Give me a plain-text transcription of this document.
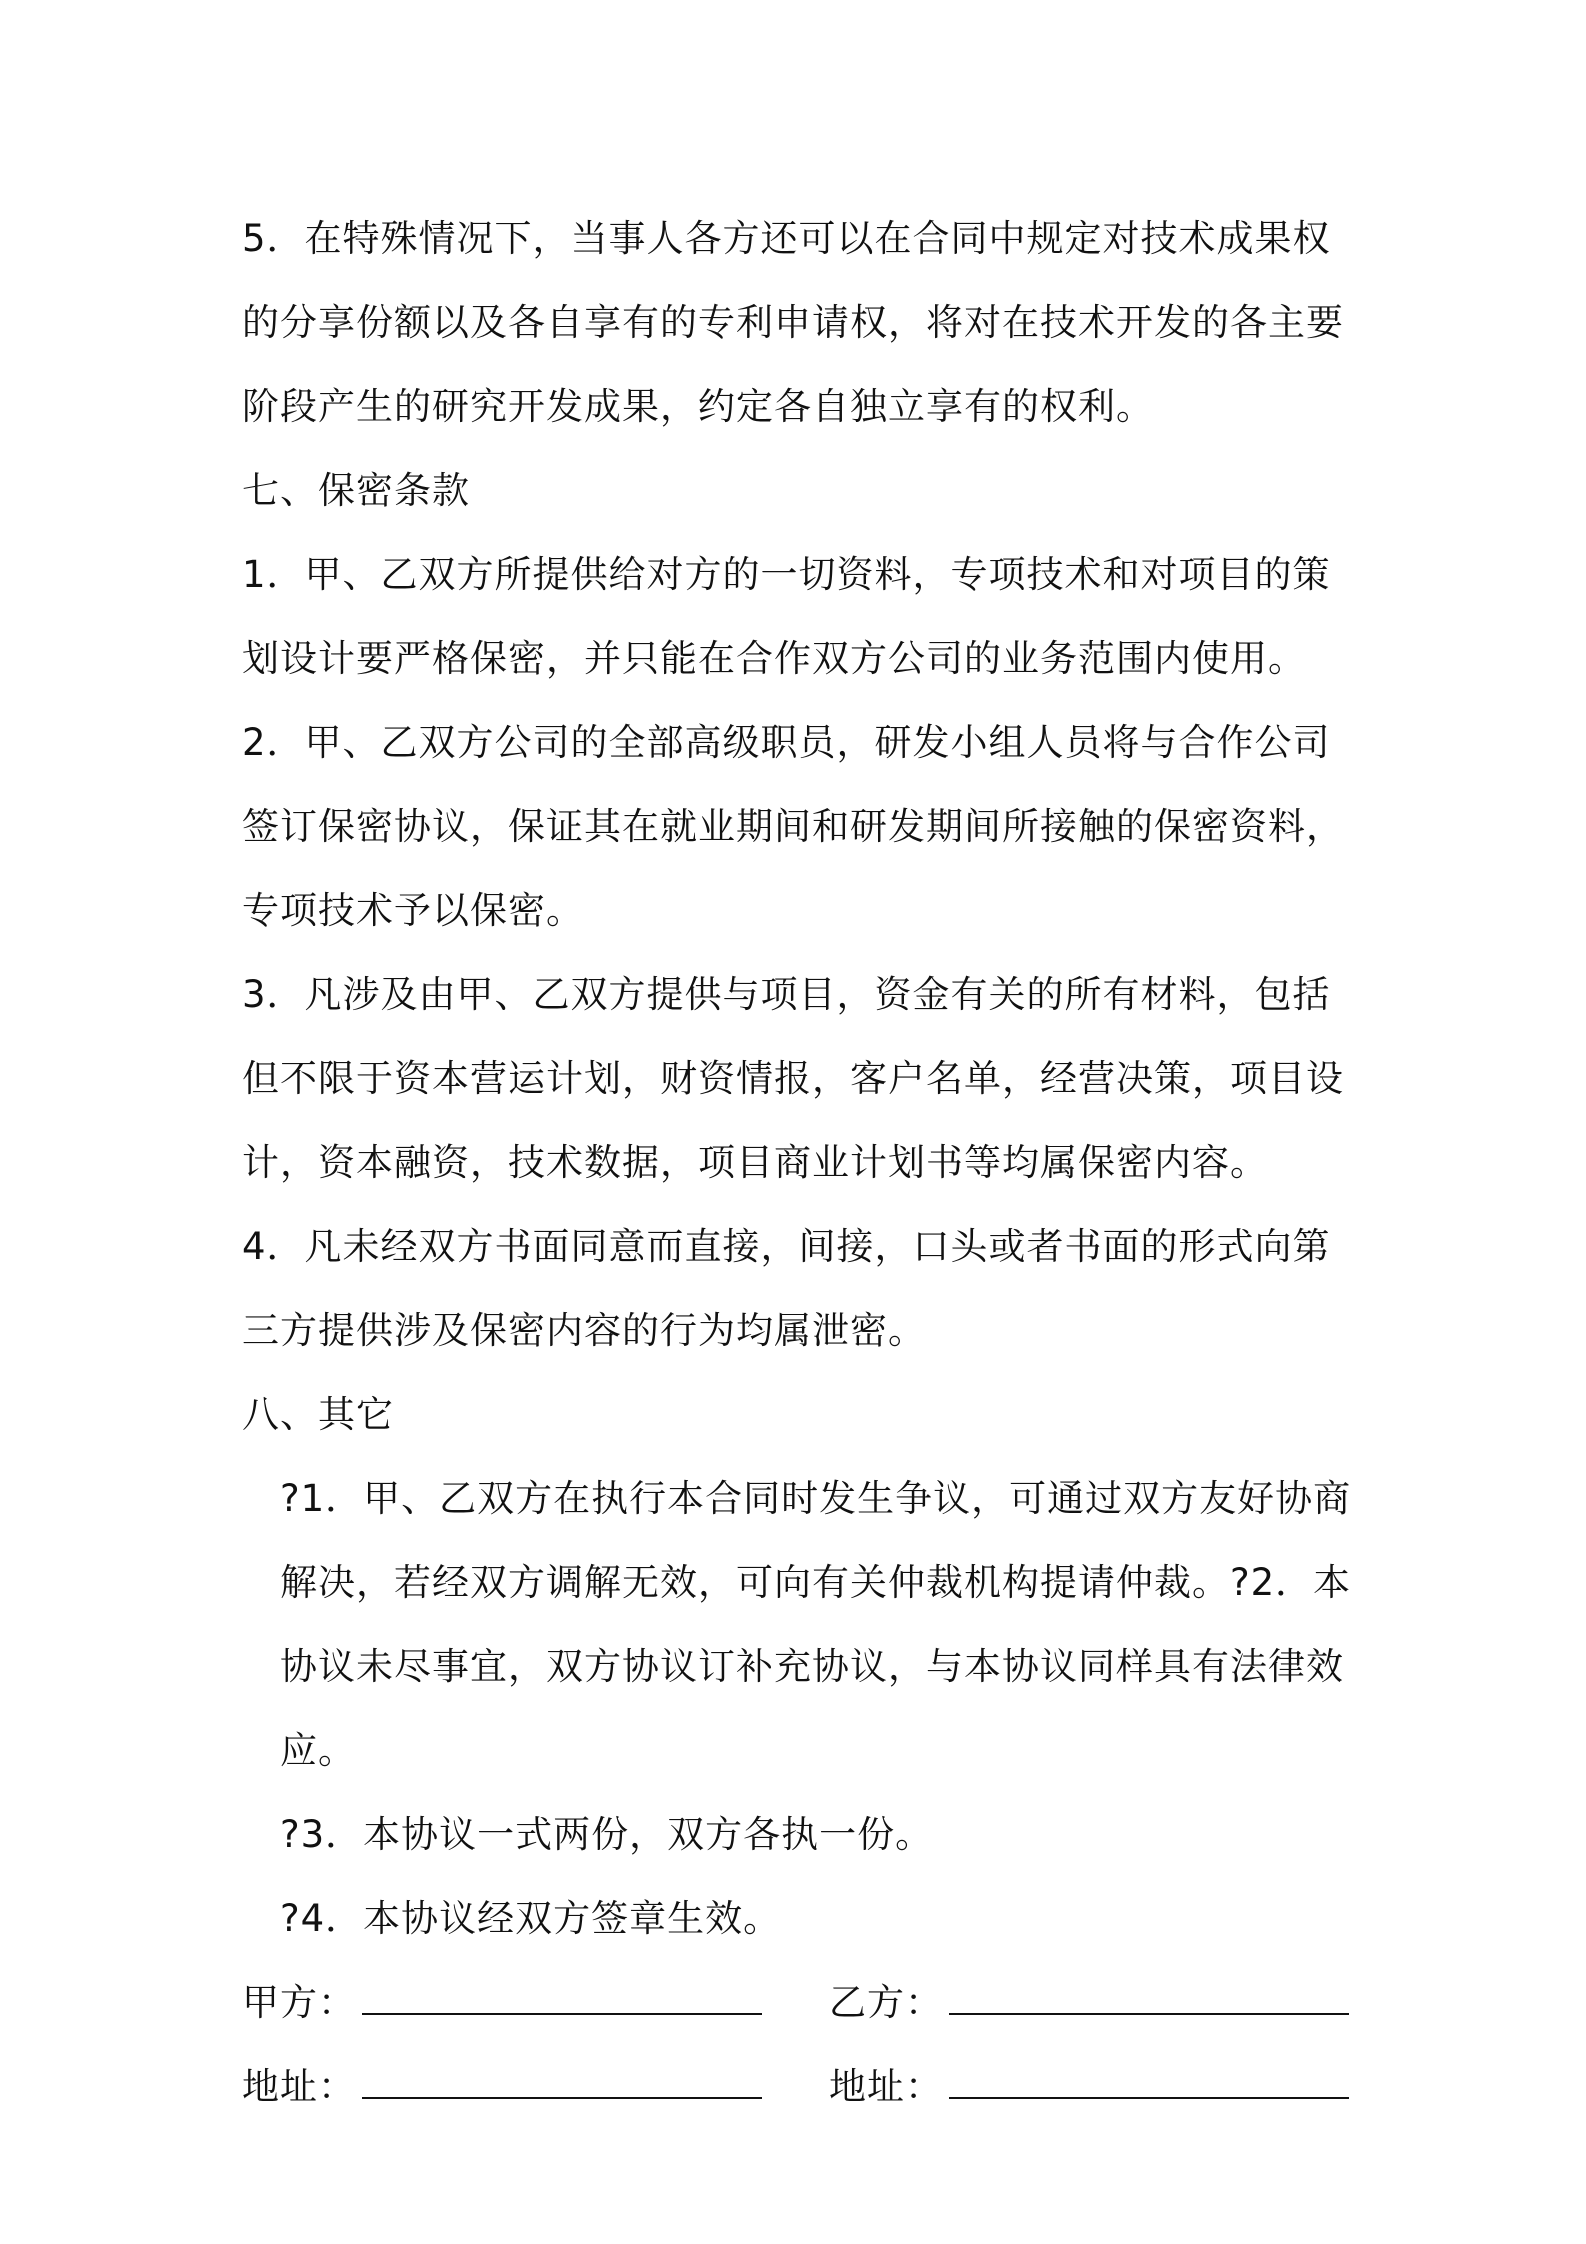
5．在特殊情况下，当事人各方还可以在合同中规定对技术成果权的分享份额以及各自享有的专利申请权，将对在技术开发的各主要阶段产生的研究开发成果，约定各自独立享有的权利。

七、保密条款

1．甲、乙双方所提供给对方的一切资料，专项技术和对项目的策划设计要严格保密，并只能在合作双方公司的业务范围内使用。

2．甲、乙双方公司的全部高级职员，研发小组人员将与合作公司签订保密协议，保证其在就业期间和研发期间所接触的保密资料，专项技术予以保密。

3．凡涉及由甲、乙双方提供与项目，资金有关的所有材料，包括但不限于资本营运计划，财资情报，客户名单，经营决策，项目设计，资本融资，技术数据，项目商业计划书等均属保密内容。

4．凡未经双方书面同意而直接，间接，口头或者书面的形式向第三方提供涉及保密内容的行为均属泄密。

八、其它

?1．甲、乙双方在执行本合同时发生争议，可通过双方友好协商解决，若经双方调解无效，可向有关仲裁机构提请仲裁。?2．本协议未尽事宜，双方协议订补充协议，与本协议同样具有法律效应。

?3．本协议一式两份，双方各执一份。

?4．本协议经双方签章生效。

甲方：	乙方：
地址：	地址：
